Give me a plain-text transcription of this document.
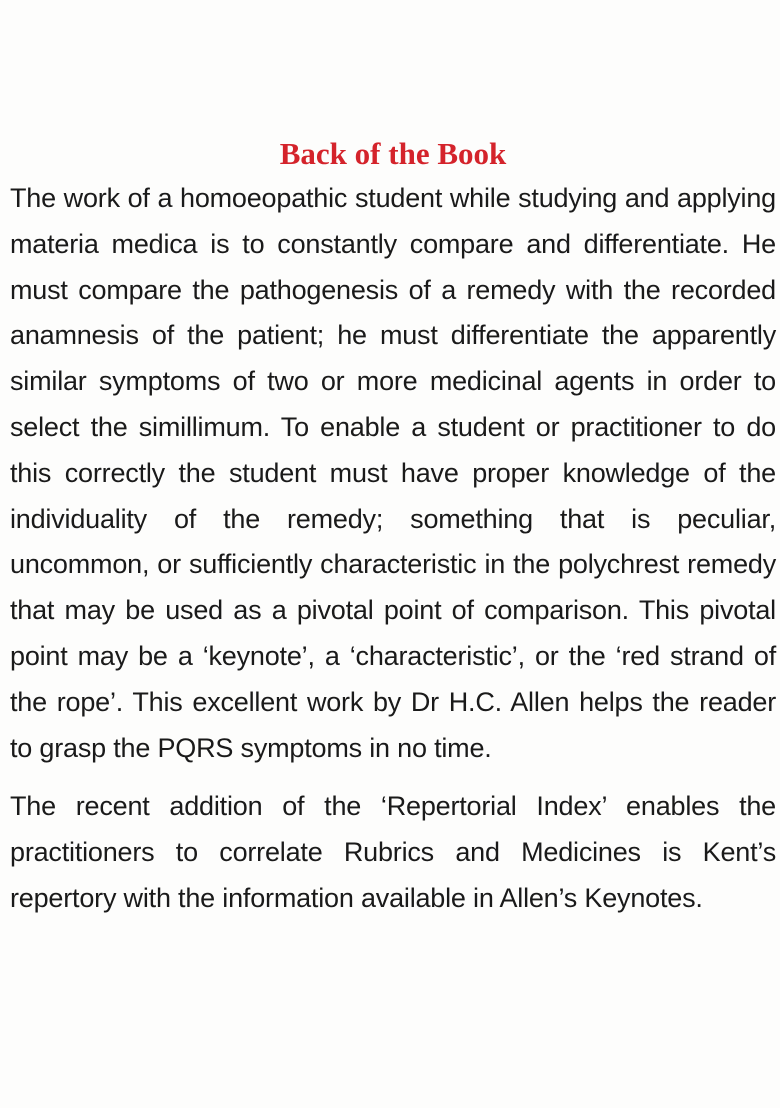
Back of the Book

The work of a homoeopathic student while studying and applying materia medica is to constantly compare and differentiate. He must compare the pathogenesis of a remedy with the recorded anamnesis of the patient; he must differentiate the apparently similar symptoms of two or more medicinal agents in order to select the simillimum. To enable a student or practitioner to do this correctly the student must have proper knowledge of the individuality of the remedy; something that is peculiar, uncommon, or sufficiently characteristic in the polychrest remedy that may be used as a pivotal point of comparison. This pivotal point may be a ‘keynote’, a ‘characteristic’, or the ‘red strand of the rope’. This excellent work by Dr H.C. Allen helps the reader to grasp the PQRS symptoms in no time.

The recent addition of the ‘Repertorial Index’ enables the practitioners to correlate Rubrics and Medicines is Kent’s repertory with the information available in Allen’s Keynotes.
